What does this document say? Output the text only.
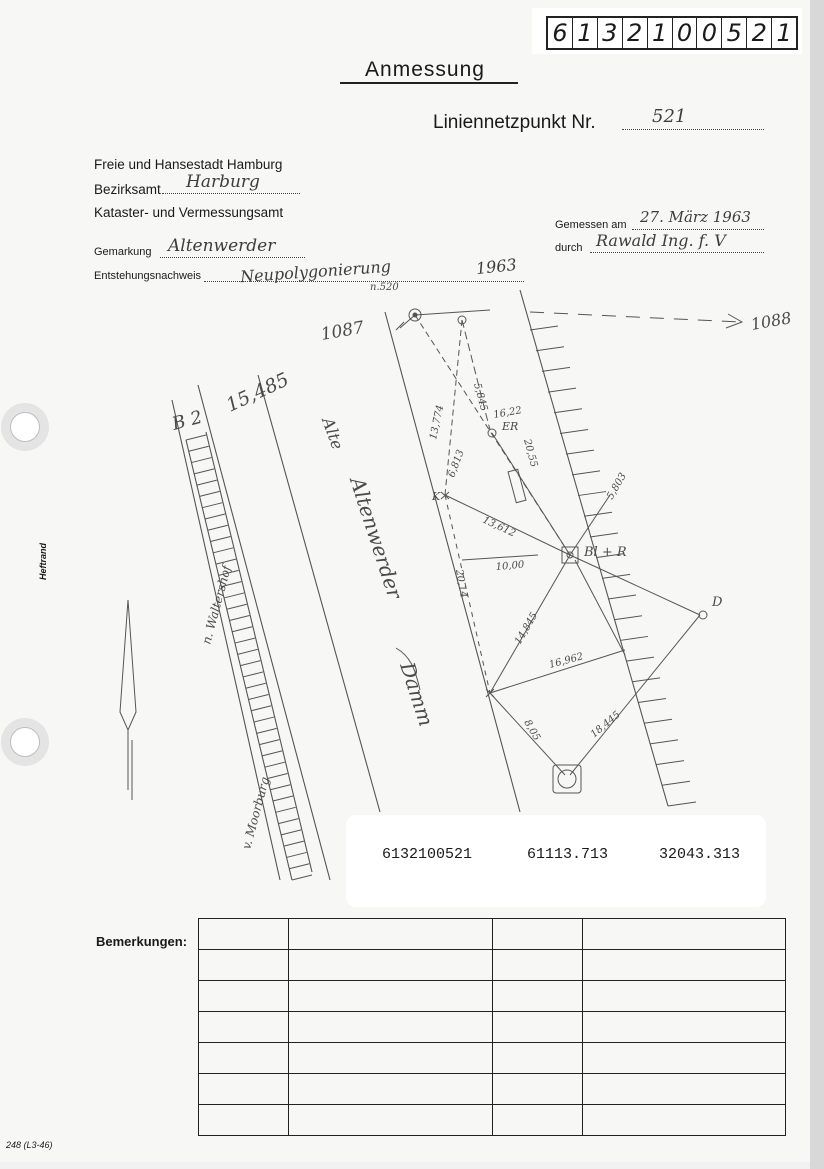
6 1 3 2 1 0 0 5 2 1
Anmessung
Liniennetzpunkt Nr.	521
Freie und Hansestadt Hamburg
Bezirksamt Harburg
Kataster- und Vermessungsamt
Gemarkung Altenwerder
Entstehungsnachweis Neupolygonierung	1963
Gemessen am 27. März 1963
durch Rawald Ing. f. V
n.520
1087	1088
B 2
15,485
13,774	16,22
5,845
20,55
6,813
13,612
10,00
20,14
14,845
16,962
18,445
8,05
5,803
ER
Bl + R
D
K
Alte
Altenwerder
Damm
n. Waltershof
v. Moorburg
6132100521	61113.713	32043.313
Bemerkungen:

Heftrand
248 (L3-46)
